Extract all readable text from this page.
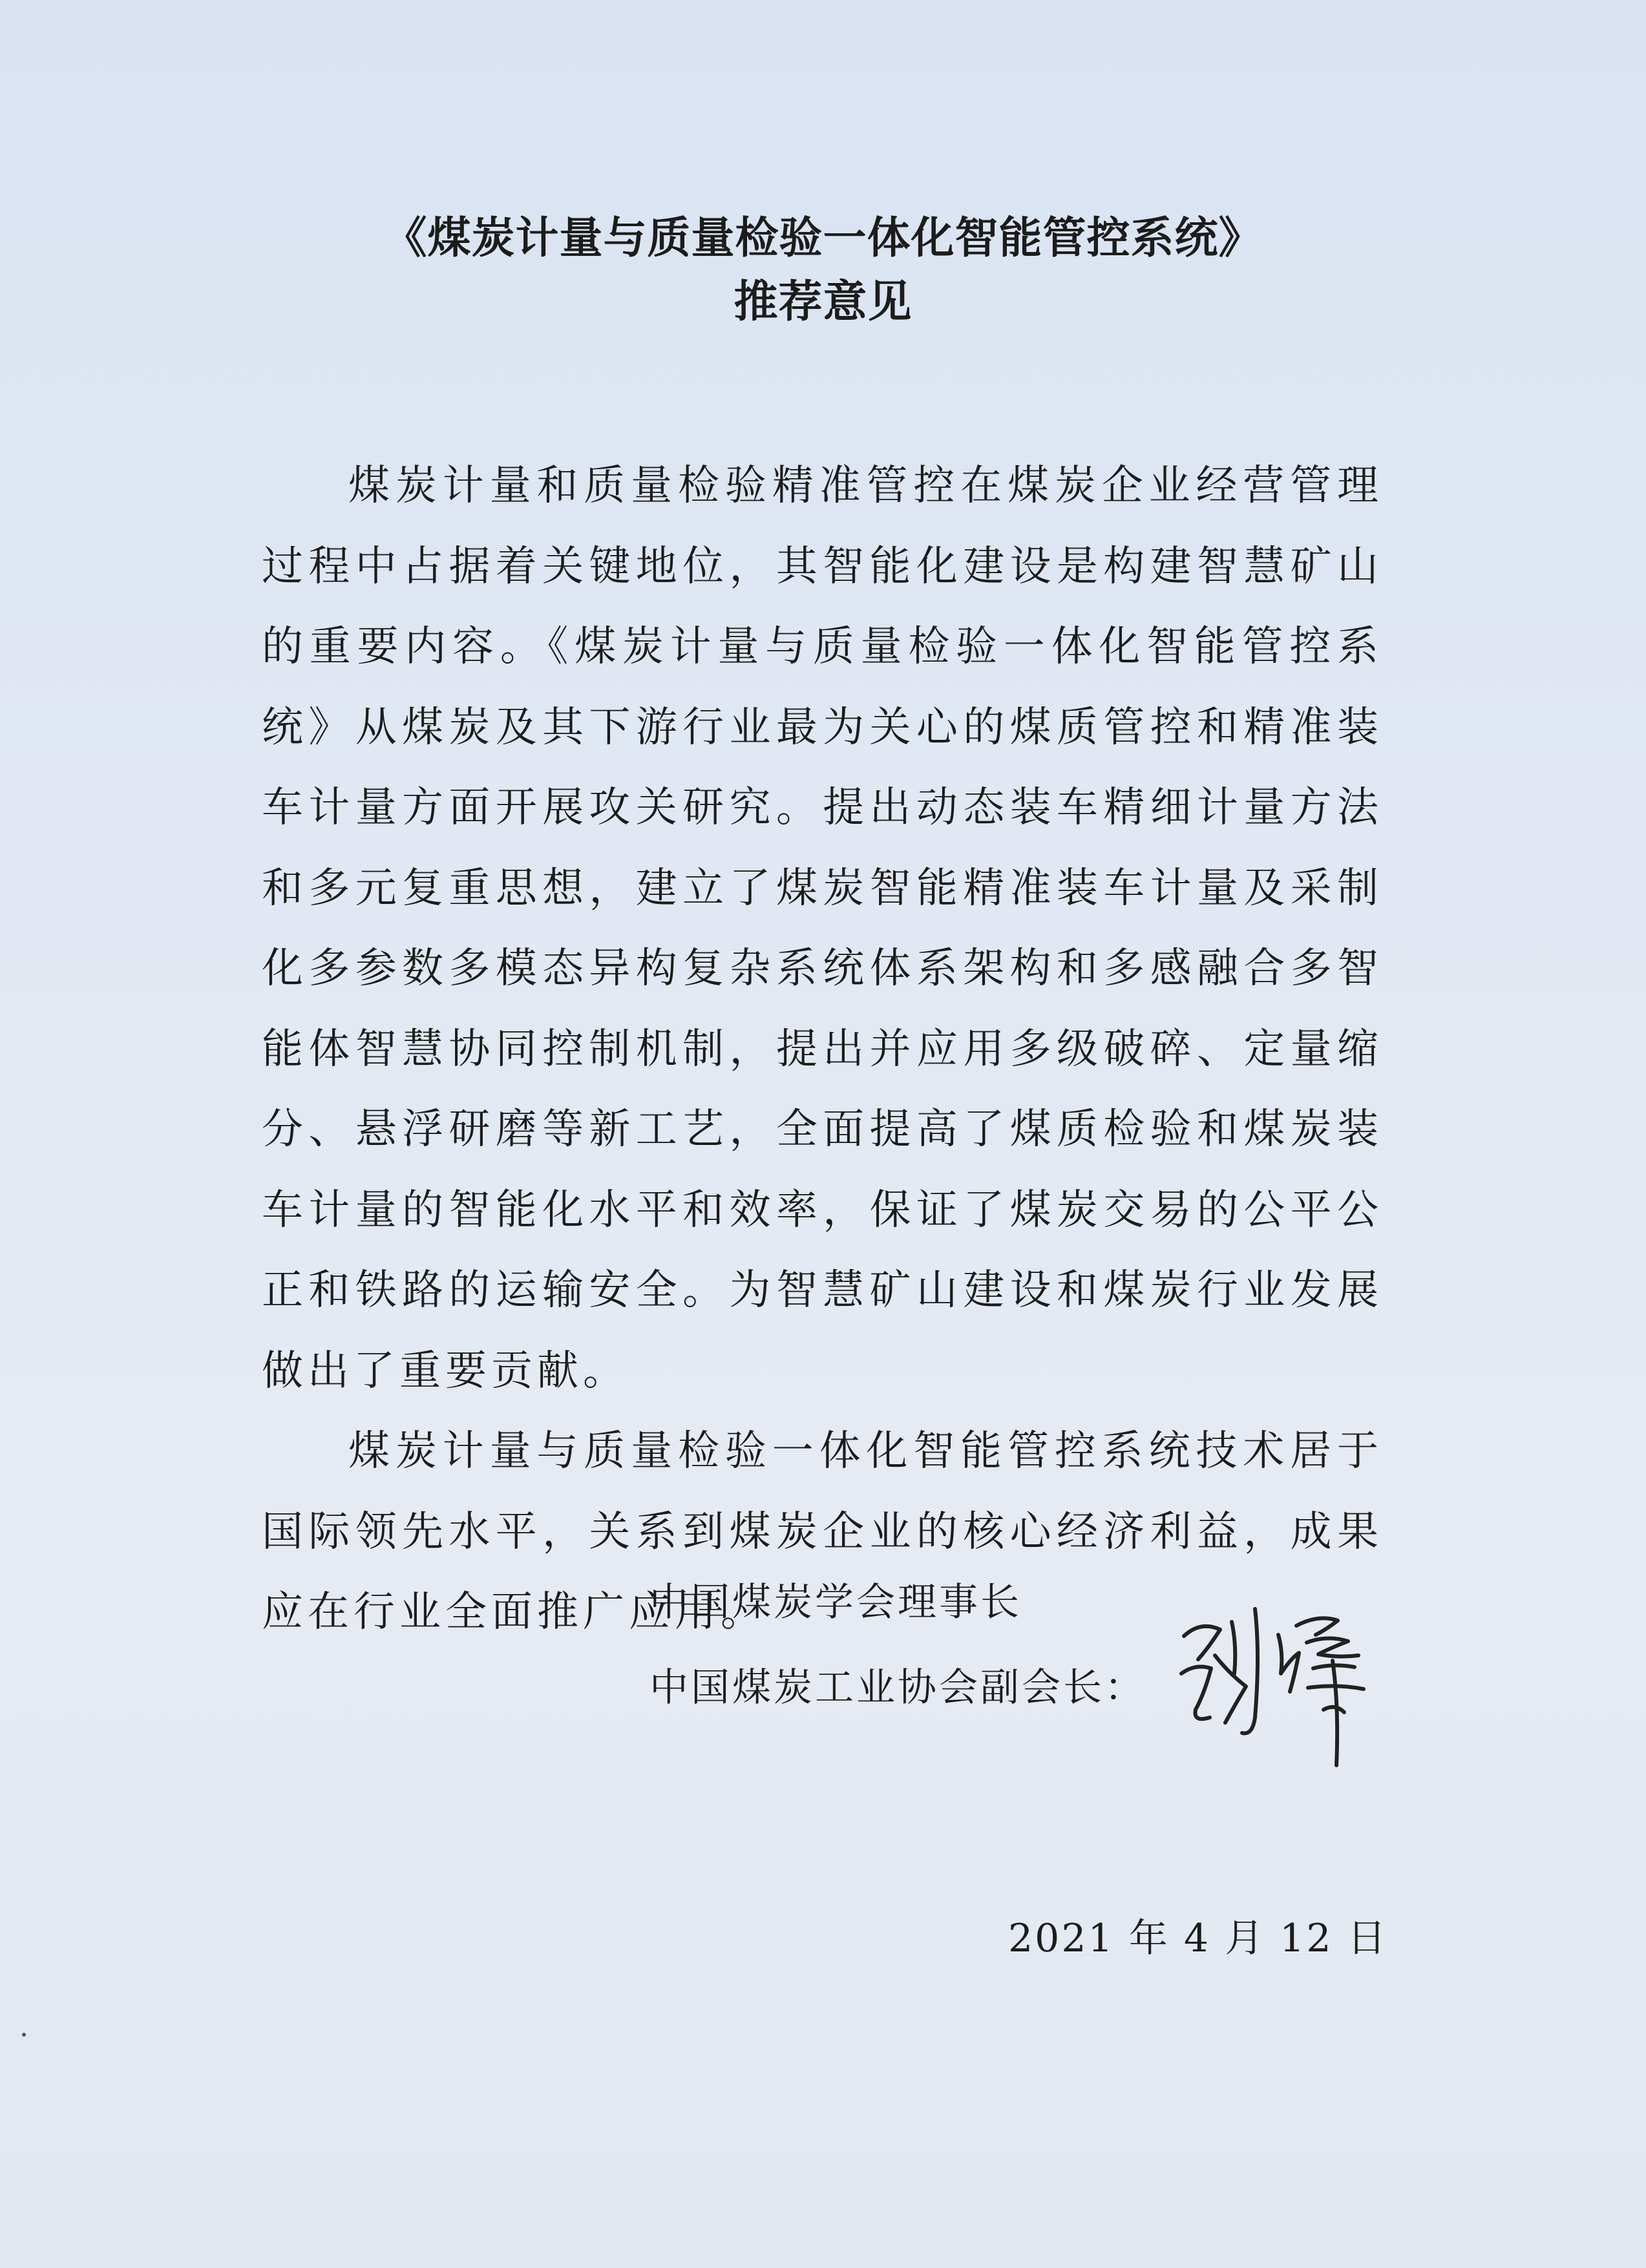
《煤炭计量与质量检验一体化智能管控系统》
推荐意见

煤炭计量和质量检验精准管控在煤炭企业经营管理过程中占据着关键地位，其智能化建设是构建智慧矿山的重要内容。《煤炭计量与质量检验一体化智能管控系统》从煤炭及其下游行业最为关心的煤质管控和精准装车计量方面开展攻关研究。提出动态装车精细计量方法和多元复重思想，建立了煤炭智能精准装车计量及采制化多参数多模态异构复杂系统体系架构和多感融合多智能体智慧协同控制机制，提出并应用多级破碎、定量缩分、悬浮研磨等新工艺，全面提高了煤质检验和煤炭装车计量的智能化水平和效率，保证了煤炭交易的公平公正和铁路的运输安全。为智慧矿山建设和煤炭行业发展做出了重要贡献。

煤炭计量与质量检验一体化智能管控系统技术居于国际领先水平，关系到煤炭企业的核心经济利益，成果应在行业全面推广应用。

中国煤炭学会理事长
中国煤炭工业协会副会长：
2021 年 4 月 12 日
